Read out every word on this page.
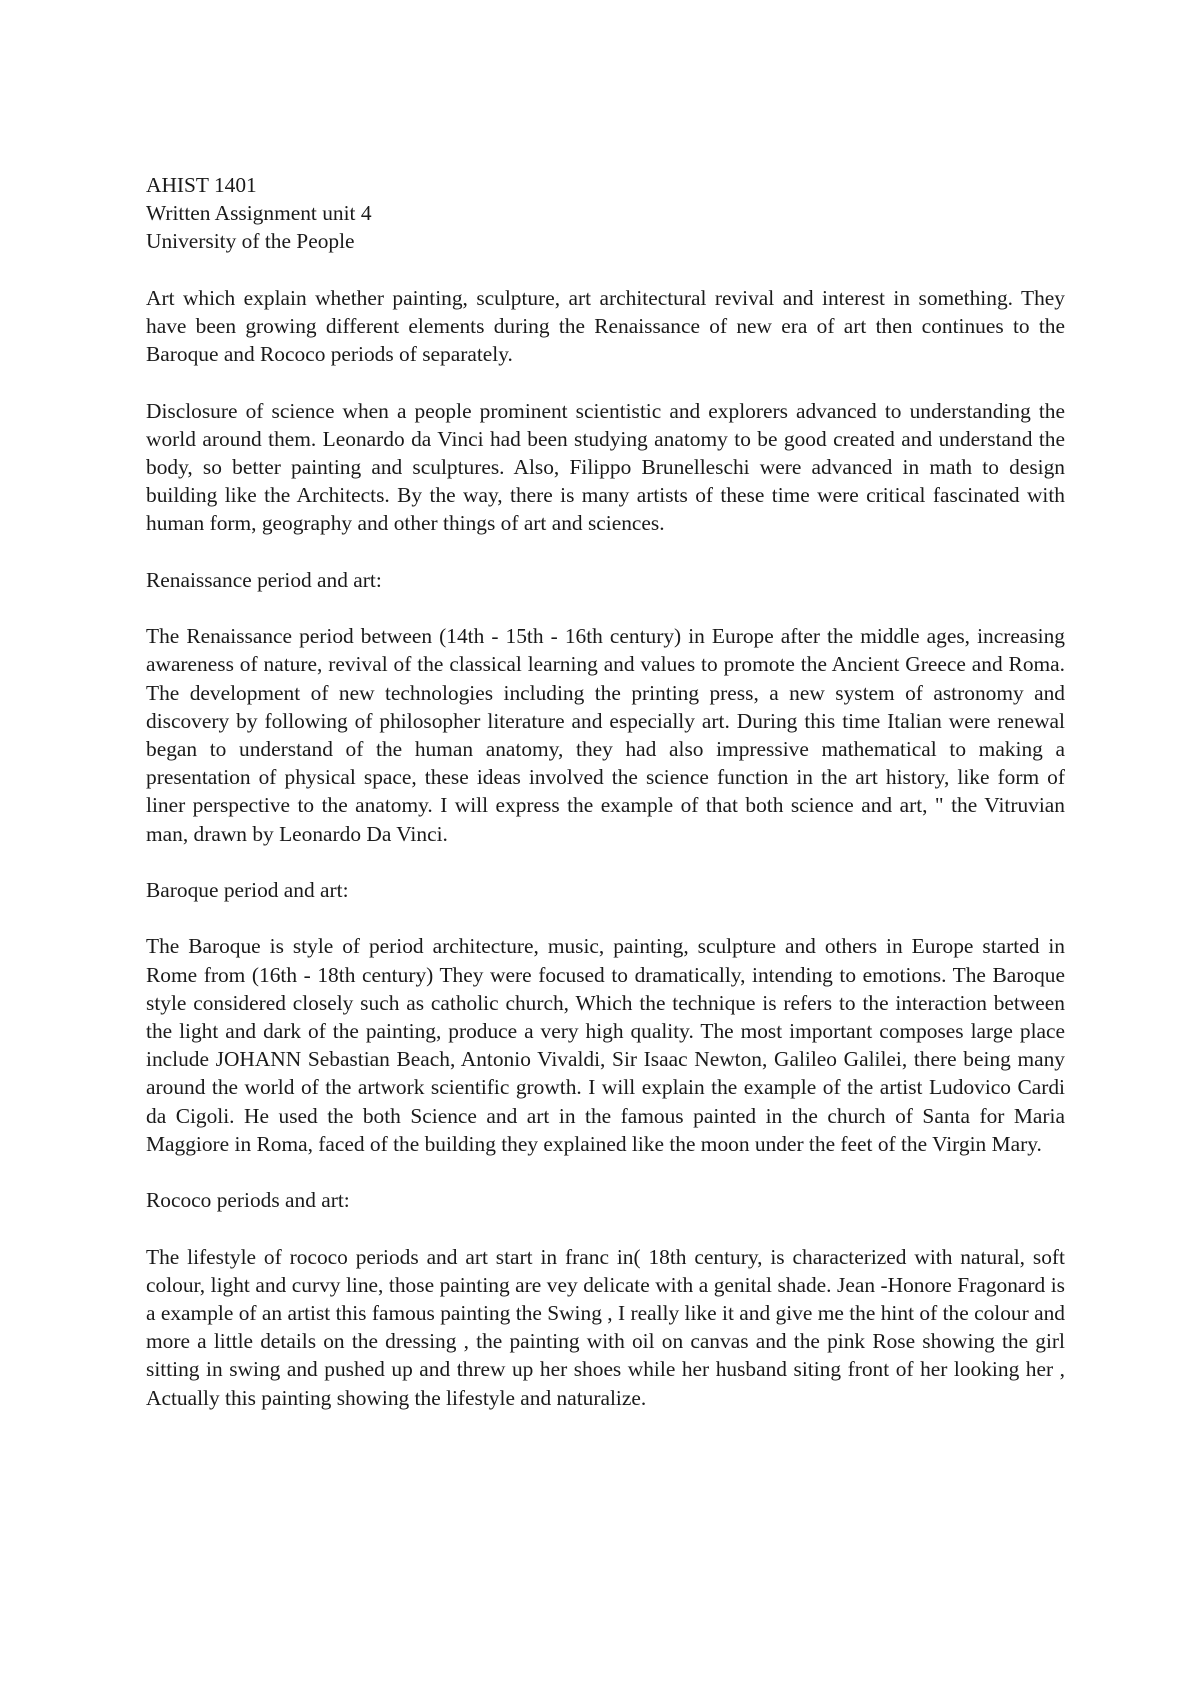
AHIST 1401
Written Assignment unit 4
University of the People

Art which explain whether painting, sculpture, art architectural revival and interest in something. They have been growing different elements during the Renaissance of new era of art then continues to the Baroque and Rococo periods of separately.

Disclosure of science when a people prominent scientistic and explorers advanced to understanding the world around them. Leonardo da Vinci had been studying anatomy to be good created and understand the body, so better painting and sculptures. Also, Filippo Brunelleschi were advanced in math to design building like the Architects. By the way, there is many artists of these time were critical fascinated with human form, geography and other things of art and sciences.

Renaissance period and art:

The Renaissance period between (14th - 15th - 16th century) in Europe after the middle ages, increasing awareness of nature, revival of the classical learning and values to promote the Ancient Greece and Roma. The development of new technologies including the printing press, a new system of astronomy and discovery by following of philosopher literature and especially art. During this time Italian were renewal began to understand of the human anatomy, they had also impressive mathematical to making a presentation of physical space, these ideas involved the science function in the art history, like form of liner perspective to the anatomy. I will express the example of that both science and art, " the Vitruvian man, drawn by Leonardo Da Vinci.

Baroque period and art:

The Baroque is style of period architecture, music, painting, sculpture and others in Europe started in Rome from (16th - 18th century) They were focused to dramatically, intending to emotions. The Baroque style considered closely such as catholic church, Which the technique is refers to the interaction between the light and dark of the painting, produce a very high quality. The most important composes large place include JOHANN Sebastian Beach, Antonio Vivaldi, Sir Isaac Newton, Galileo Galilei, there being many around the world of the artwork scientific growth. I will explain the example of the artist Ludovico Cardi da Cigoli. He used the both Science and art in the famous painted in the church of Santa for Maria Maggiore in Roma, faced of the building they explained like the moon under the feet of the Virgin Mary.

Rococo periods and art:

The lifestyle of rococo periods and art start in franc in( 18th century, is characterized with natural, soft colour, light and curvy line, those painting are vey delicate with a genital shade. Jean -Honore Fragonard is a example of an artist this famous painting the Swing , I really like it and give me the hint of the colour and more a little details on the dressing , the painting with oil on canvas and the pink Rose showing the girl sitting in swing and pushed up and threw up her shoes while her husband siting front of her looking her , Actually this painting showing the lifestyle and naturalize.
